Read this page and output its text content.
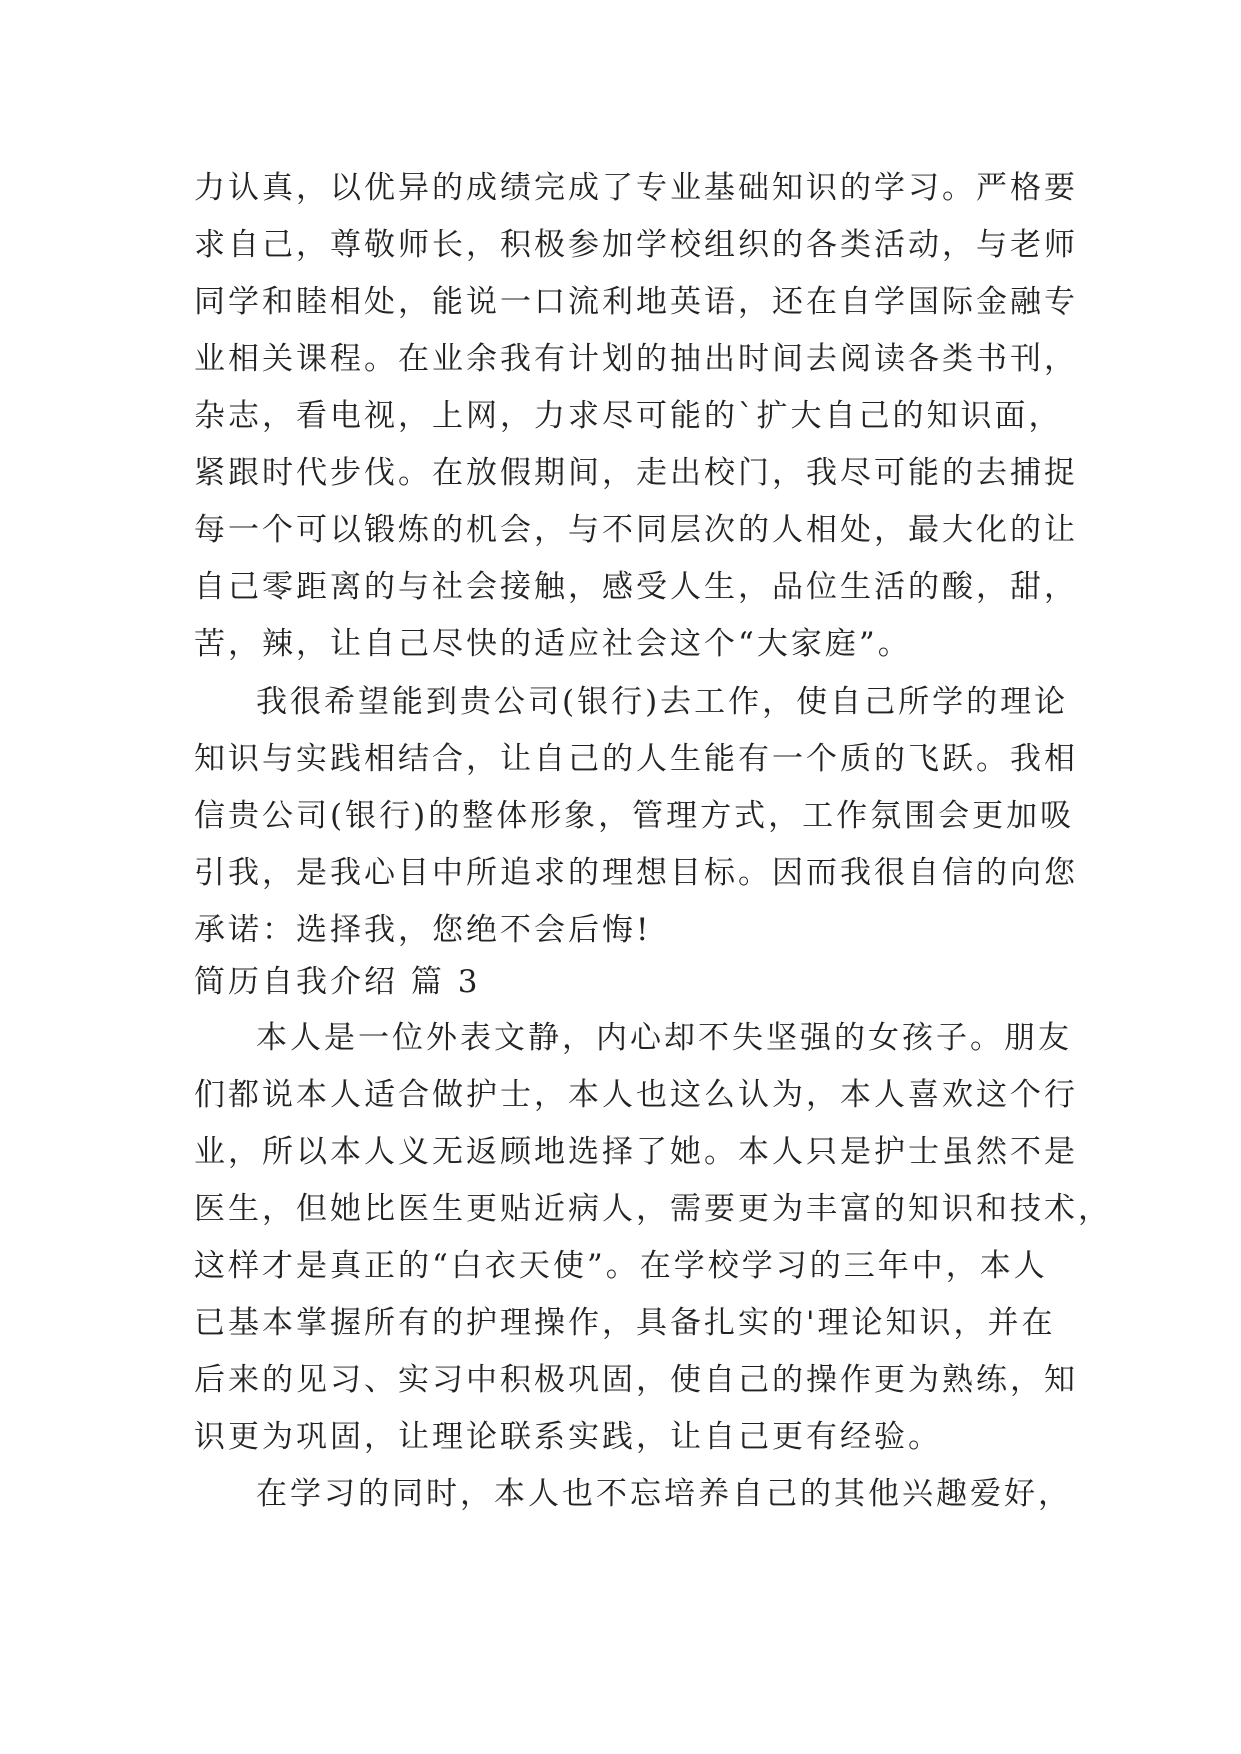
力认真，以优异的成绩完成了专业基础知识的学习。严格要
求自己，尊敬师长，积极参加学校组织的各类活动，与老师
同学和睦相处，能说一口流利地英语，还在自学国际金融专
业相关课程。在业余我有计划的抽出时间去阅读各类书刊，
杂志，看电视，上网，力求尽可能的`扩大自己的知识面，
紧跟时代步伐。在放假期间，走出校门，我尽可能的去捕捉
每一个可以锻炼的机会，与不同层次的人相处，最大化的让
自己零距离的与社会接触，感受人生，品位生活的酸，甜，
苦，辣，让自己尽快的适应社会这个“大家庭”。
我很希望能到贵公司(银行)去工作，使自己所学的理论
知识与实践相结合，让自己的人生能有一个质的飞跃。我相
信贵公司(银行)的整体形象，管理方式，工作氛围会更加吸
引我，是我心目中所追求的理想目标。因而我很自信的向您
承诺：选择我，您绝不会后悔!
简历自我介绍 篇 3
本人是一位外表文静，内心却不失坚强的女孩子。朋友
们都说本人适合做护士，本人也这么认为，本人喜欢这个行
业，所以本人义无返顾地选择了她。本人只是护士虽然不是
医生，但她比医生更贴近病人，需要更为丰富的知识和技术，
这样才是真正的“白衣天使”。在学校学习的三年中，本人
已基本掌握所有的护理操作，具备扎实的'理论知识，并在
后来的见习、实习中积极巩固，使自己的操作更为熟练，知
识更为巩固，让理论联系实践，让自己更有经验。
在学习的同时，本人也不忘培养自己的其他兴趣爱好，
